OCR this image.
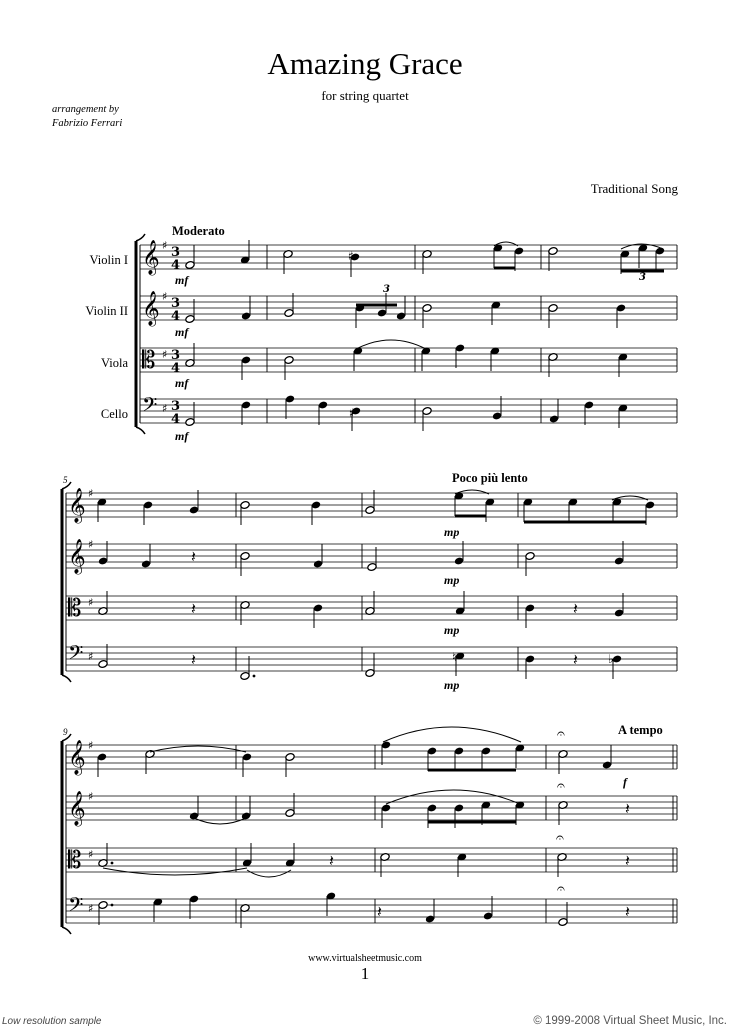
Amazing Grace
for string quartet
arrangement by
Fabrizio Ferrari
Traditional Song
Violin I
Violin II
Viola
Cello
Moderato
Poco più lento
A tempo
5
9
𝄞 ♯ 3
4
𝄞 ♯ 3
4
𝄡 ♯ 3
4
𝄢 ♯ 3
4
𝄞 ♯
𝄞 ♯
𝄡 ♯
𝄢 ♯
𝄞 ♯
𝄞 ♯
𝄡 ♯
𝄢 ♯
𝄽
𝄽
𝄽
𝄽
𝄽
𝄽
𝄽
𝄽
𝄽
𝄽
♯
♯
♮	♭
3
3
mf
mf
mf
mf
mp
mp
mp
mp
f
𝄐
𝄐
𝄐
𝄐
www.virtualsheetmusic.com
1
Low resolution sample	© 1999-2008 Virtual Sheet Music, Inc.
